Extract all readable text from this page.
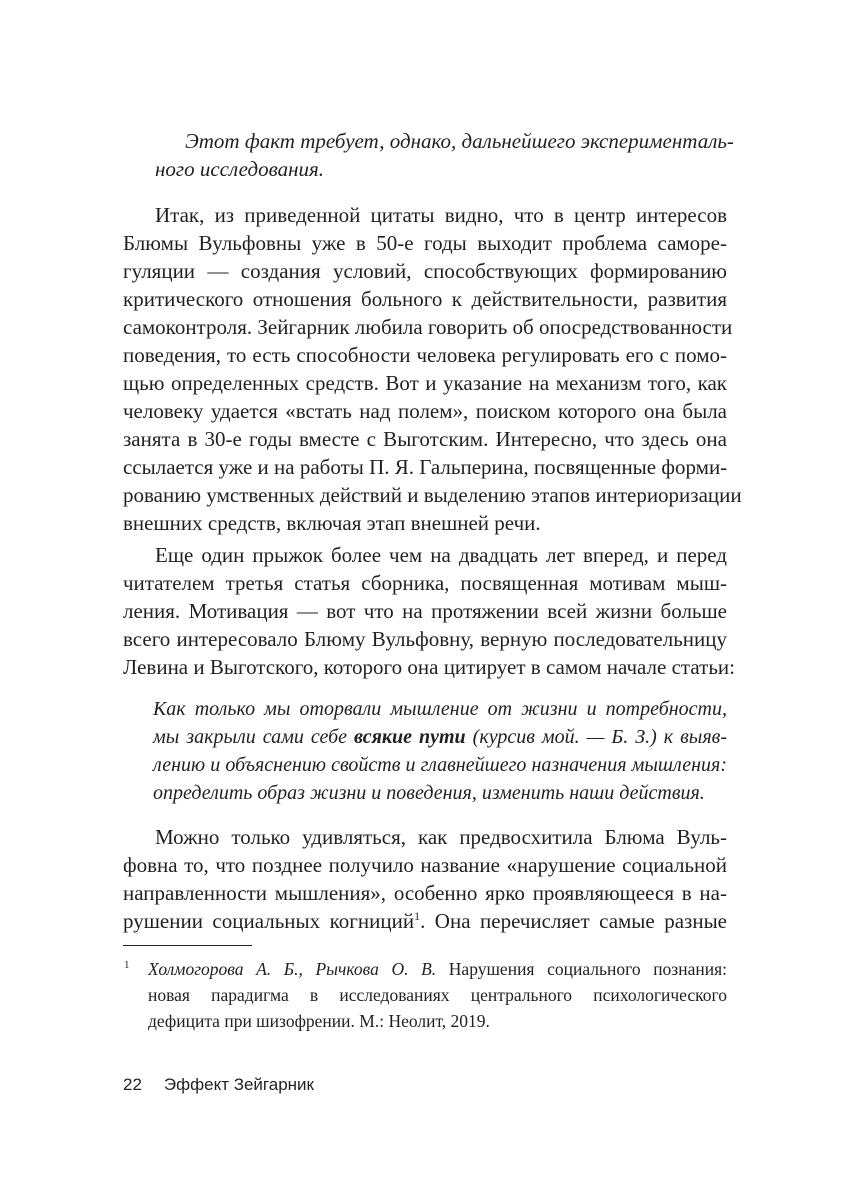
Этот факт требует, однако, дальнейшего эксперименталь-
ного исследования.
Итак, из приведенной цитаты видно, что в центр интересов
Блюмы Вульфовны уже в 50-е годы выходит проблема саморе-
гуляции — создания условий, способствующих формированию
критического отношения больного к действительности, развития
самоконтроля. Зейгарник любила говорить об опосредствованности
поведения, то есть способности человека регулировать его с помо-
щью определенных средств. Вот и указание на механизм того, как
человеку удается «встать над полем», поиском которого она была
занята в 30-е годы вместе с Выготским. Интересно, что здесь она
ссылается уже и на работы П. Я. Гальперина, посвященные форми-
рованию умственных действий и выделению этапов интериоризации
внешних средств, включая этап внешней речи.
Еще один прыжок более чем на двадцать лет вперед, и перед
читателем третья статья сборника, посвященная мотивам мыш-
ления. Мотивация — вот что на протяжении всей жизни больше
всего интересовало Блюму Вульфовну, верную последовательницу
Левина и Выготского, которого она цитирует в самом начале статьи:
Как только мы оторвали мышление от жизни и потребности,
мы закрыли сами себе всякие пути (курсив мой. — Б. З.) к выяв-
лению и объяснению свойств и главнейшего назначения мышления:
определить образ жизни и поведения, изменить наши действия.
Можно только удивляться, как предвосхитила Блюма Вуль-
фовна то, что позднее получило название «нарушение социальной
направленности мышления», особенно ярко проявляющееся в на-
рушении социальных когниций$^1$. Она перечисляет самые разные
1 Холмогорова А. Б., Рычкова О. В. Нарушения социального познания:
новая парадигма в исследованиях центрального психологического
дефицита при шизофрении. М.: Неолит, 2019.
22 Эффект Зейгарник
